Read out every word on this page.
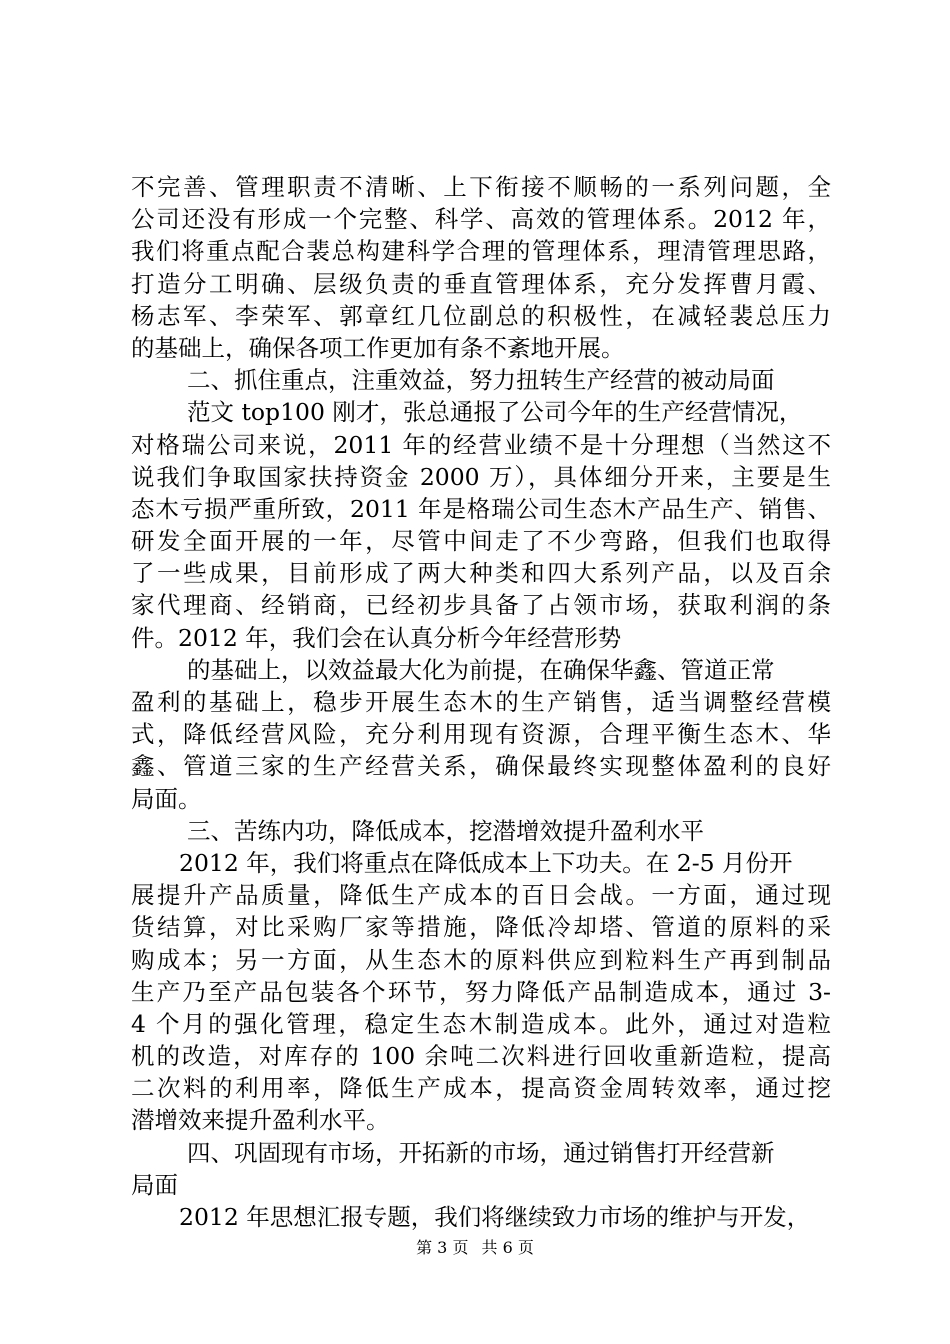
不完善、管理职责不清晰、上下衔接不顺畅的一系列问题，全
公司还没有形成一个完整、科学、高效的管理体系。2012 年，
我们将重点配合裴总构建科学合理的管理体系，理清管理思路，
打造分工明确、层级负责的垂直管理体系，充分发挥曹月霞、
杨志军、李荣军、郭章红几位副总的积极性，在减轻裴总压力
的基础上，确保各项工作更加有条不紊地开展。
二、抓住重点，注重效益，努力扭转生产经营的被动局面
范文 top100 刚才，张总通报了公司今年的生产经营情况，
对格瑞公司来说，2011 年的经营业绩不是十分理想（当然这不
说我们争取国家扶持资金 2000 万），具体细分开来，主要是生
态木亏损严重所致，2011 年是格瑞公司生态木产品生产、销售、
研发全面开展的一年，尽管中间走了不少弯路，但我们也取得
了一些成果，目前形成了两大种类和四大系列产品，以及百余
家代理商、经销商，已经初步具备了占领市场，获取利润的条
件。2012 年，我们会在认真分析今年经营形势
的基础上，以效益最大化为前提，在确保华鑫、管道正常
盈利的基础上，稳步开展生态木的生产销售，适当调整经营模
式，降低经营风险，充分利用现有资源，合理平衡生态木、华
鑫、管道三家的生产经营关系，确保最终实现整体盈利的良好
局面。
三、苦练内功，降低成本，挖潜增效提升盈利水平
2012 年，我们将重点在降低成本上下功夫。在 2-5 月份开
展提升产品质量，降低生产成本的百日会战。一方面，通过现
货结算，对比采购厂家等措施，降低冷却塔、管道的原料的采
购成本；另一方面，从生态木的原料供应到粒料生产再到制品
生产乃至产品包装各个环节，努力降低产品制造成本，通过 3-
4 个月的强化管理，稳定生态木制造成本。此外，通过对造粒
机的改造，对库存的 100 余吨二次料进行回收重新造粒，提高
二次料的利用率，降低生产成本，提高资金周转效率，通过挖
潜增效来提升盈利水平。
四、巩固现有市场，开拓新的市场，通过销售打开经营新
局面
2012 年思想汇报专题，我们将继续致力市场的维护与开发，
第 3 页 共 6 页
